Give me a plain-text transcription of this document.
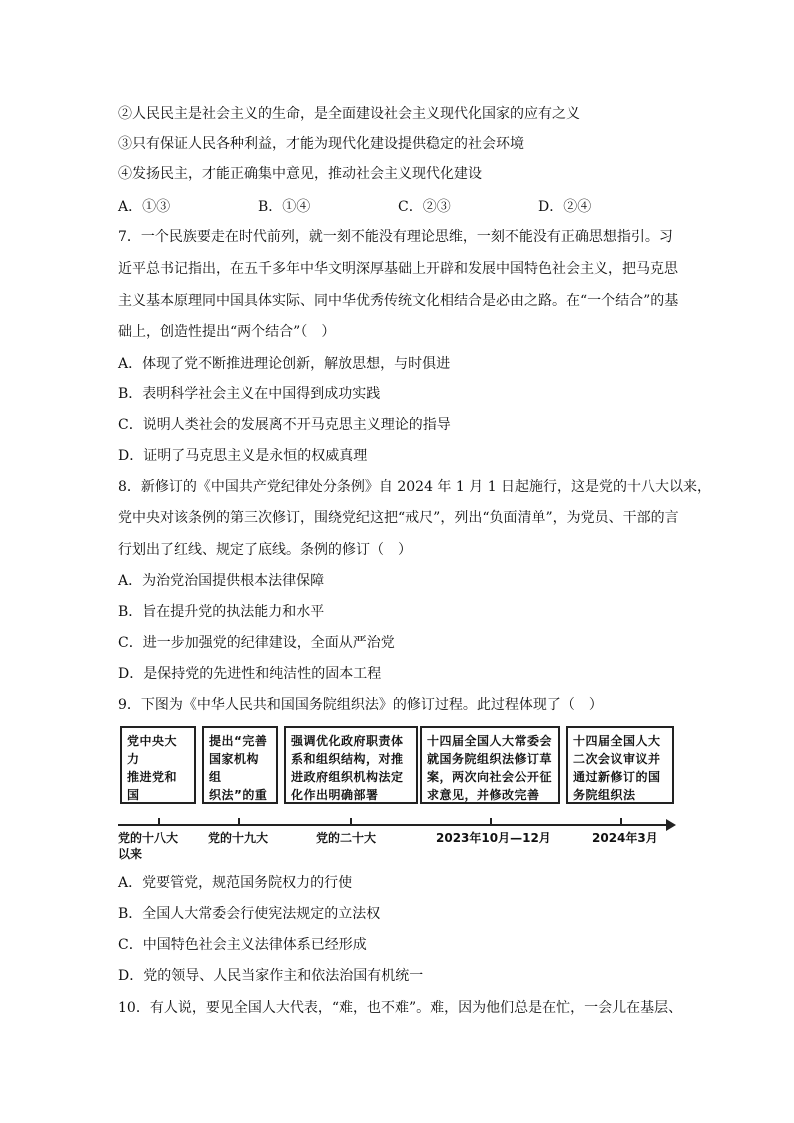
②人民民主是社会主义的生命，是全面建设社会主义现代化国家的应有之义
③只有保证人民各种利益，才能为现代化建设提供稳定的社会环境
④发扬民主，才能正确集中意见，推动社会主义现代化建设
A．①③	B．①④	C．②③	D．②④
7．一个民族要走在时代前列，就一刻不能没有理论思维，一刻不能没有正确思想指引。习
近平总书记指出，在五千多年中华文明深厚基础上开辟和发展中国特色社会主义，把马克思
主义基本原理同中国具体实际、同中华优秀传统文化相结合是必由之路。在“一个结合”的基
础上，创造性提出“两个结合”（　）
A．体现了党不断推进理论创新，解放思想，与时俱进
B．表明科学社会主义在中国得到成功实践
C．说明人类社会的发展离不开马克思主义理论的指导
D．证明了马克思主义是永恒的权威真理
8．新修订的《中国共产党纪律处分条例》自 2024 年 1 月 1 日起施行，这是党的十八大以来，
党中央对该条例的第三次修订，围绕党纪这把“戒尺”，列出“负面清单”，为党员、干部的言
行划出了红线、规定了底线。条例的修订（　）
A．为治党治国提供根本法律保障
B．旨在提升党的执法能力和水平
C．进一步加强党的纪律建设，全面从严治党
D．是保持党的先进性和纯洁性的固本工程
9．下图为《中华人民共和国国务院组织法》的修订过程。此过程体现了（　）
党中央大力
推进党和国
提出“完善
国家机构组
织法”的重
强调优化政府职责体
系和组织结构，对推
进政府组织机构法定
化作出明确部署
十四届全国人大常委会
就国务院组织法修订草
案，两次向社会公开征
求意见，并修改完善
十四届全国人大
二次会议审议并
通过新修订的国
务院组织法
党的十八大
以来
党的十九大	党的二十大	2023年10月—12月	2024年3月
A．党要管党，规范国务院权力的行使
B．全国人大常委会行使宪法规定的立法权
C．中国特色社会主义法律体系已经形成
D．党的领导、人民当家作主和依法治国有机统一
10．有人说，要见全国人大代表，“难，也不难”。难，因为他们总是在忙，一会儿在基层、
